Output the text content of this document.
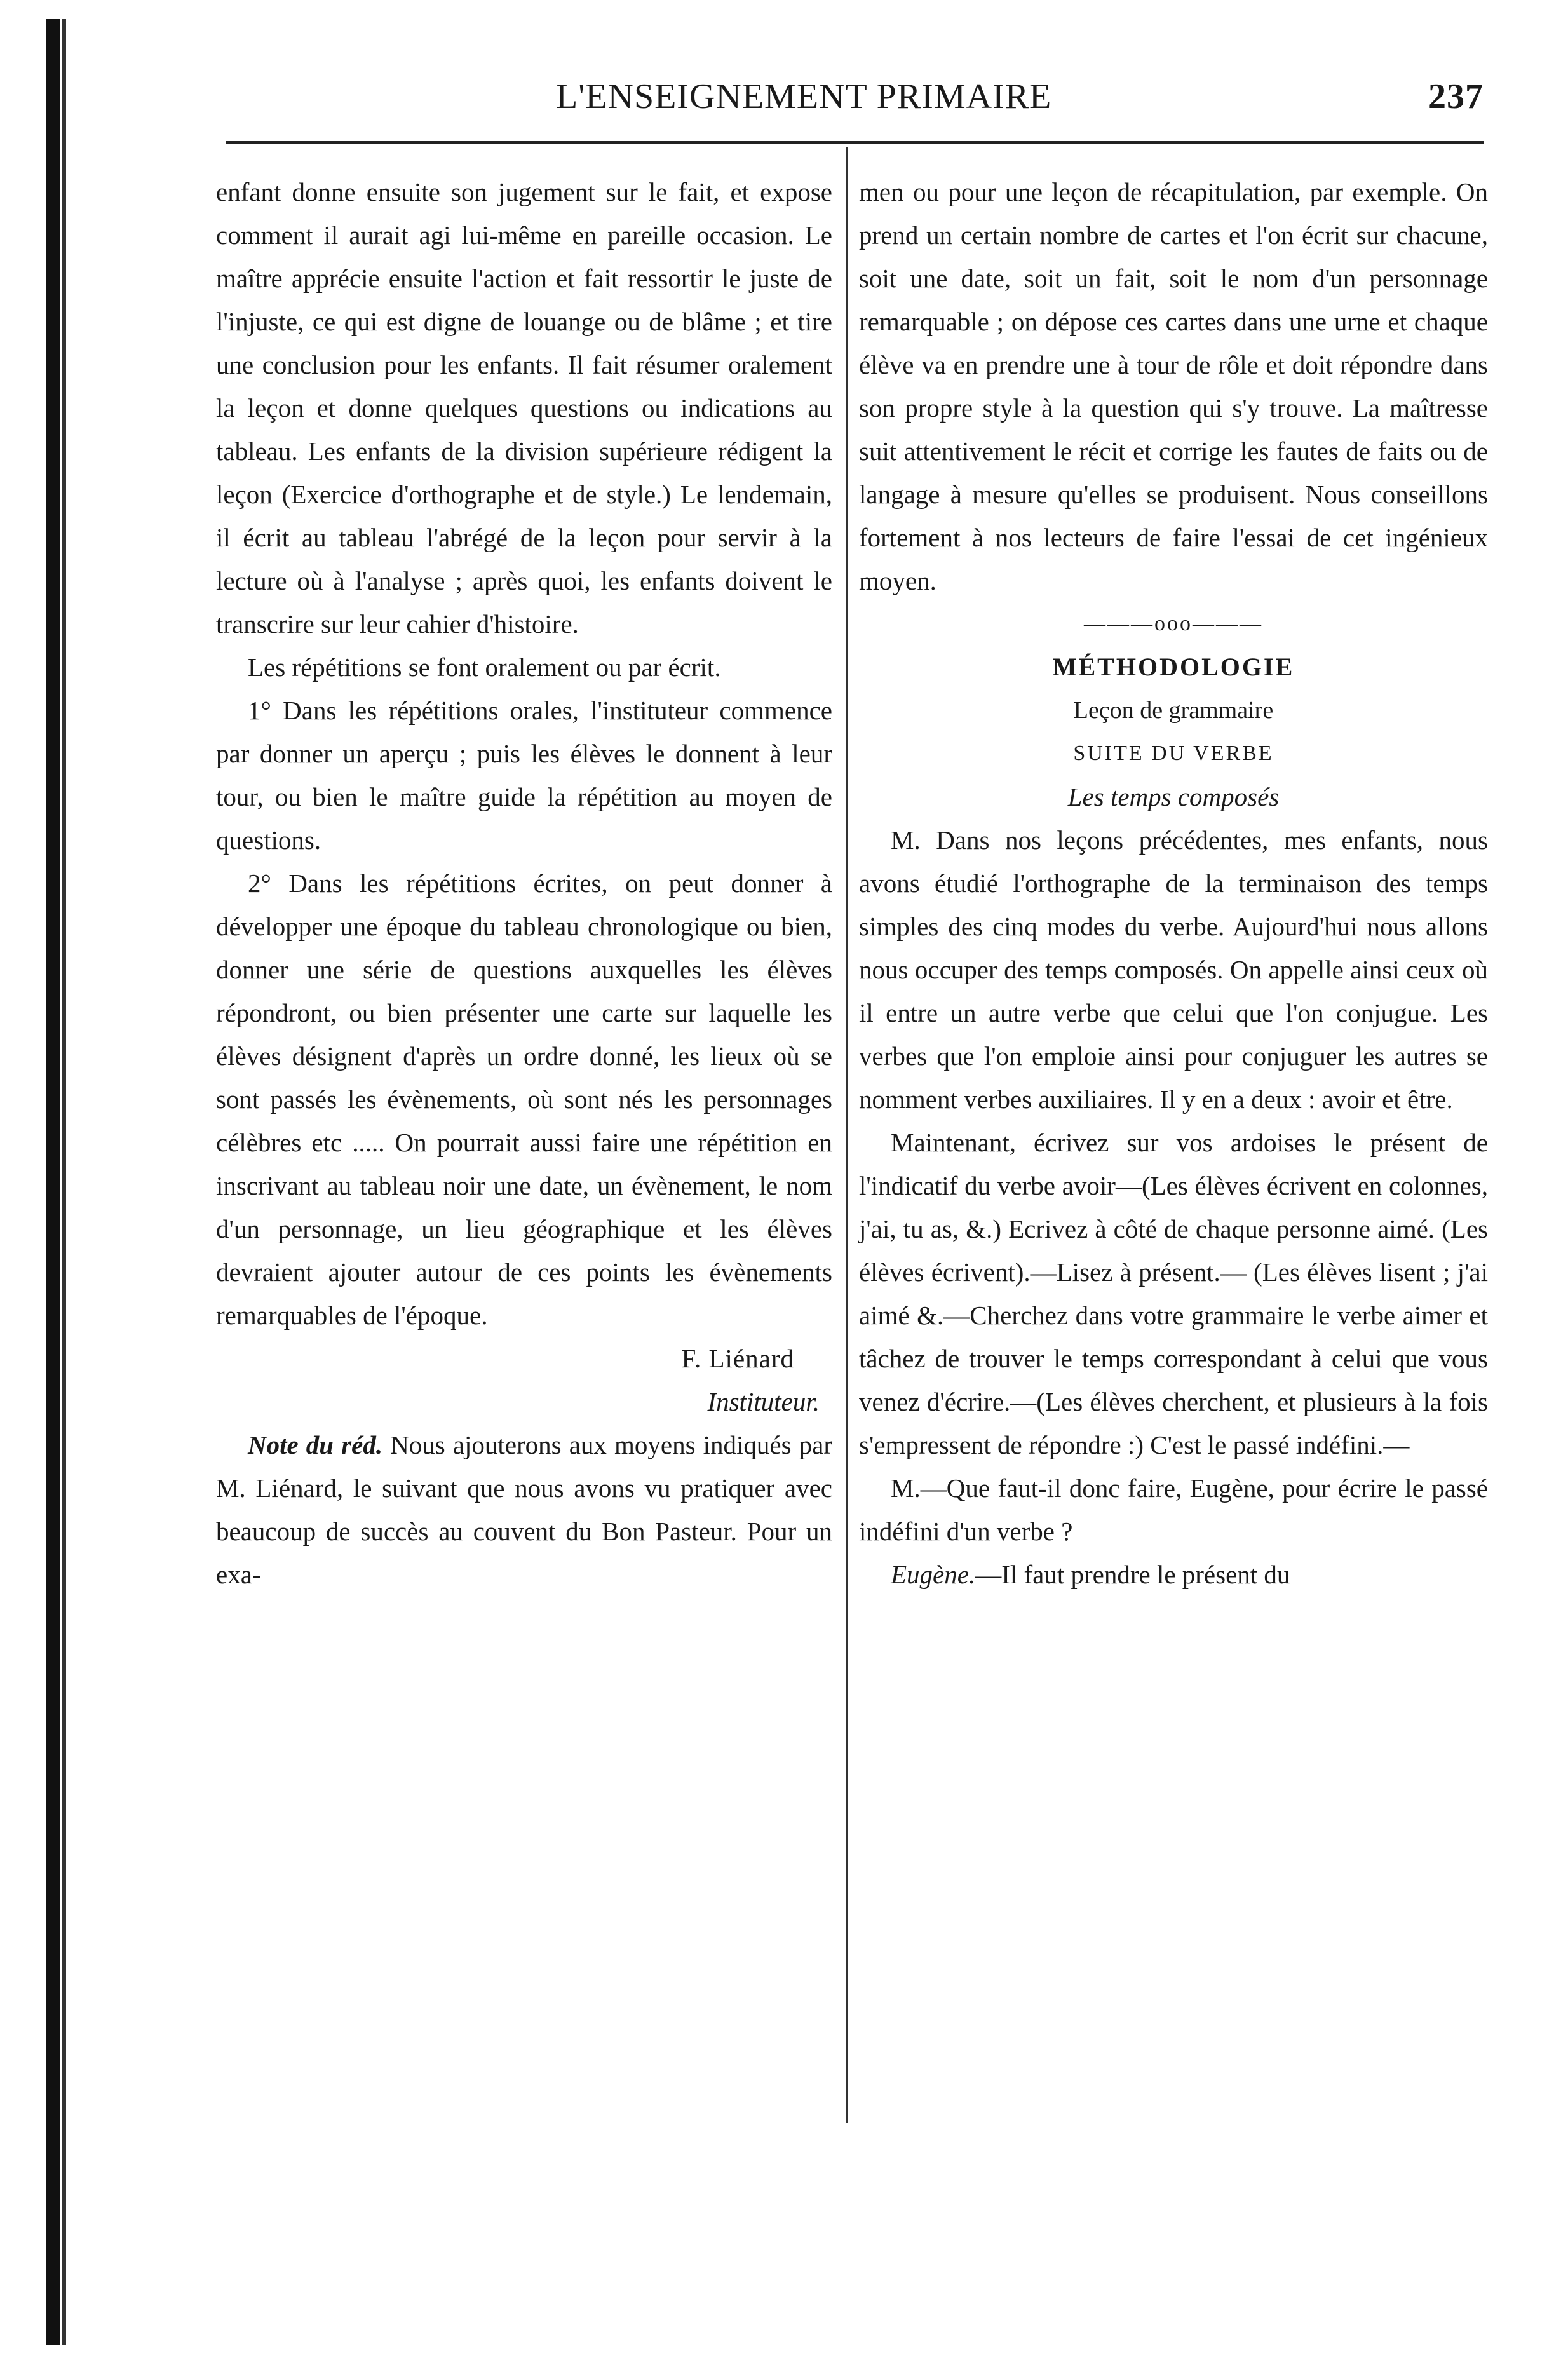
L'ENSEIGNEMENT PRIMAIRE	237

enfant donne ensuite son jugement sur le fait, et expose comment il aurait agi lui-même en pareille occasion. Le maître apprécie ensuite l'action et fait ressortir le juste de l'injuste, ce qui est digne de louange ou de blâme ; et tire une conclusion pour les enfants. Il fait résumer oralement la leçon et donne quelques questions ou indications au tableau. Les enfants de la division supérieure rédigent la leçon (Exercice d'orthographe et de style.) Le lendemain, il écrit au tableau l'abrégé de la leçon pour servir à la lecture où à l'analyse ; après quoi, les enfants doivent le transcrire sur leur cahier d'histoire.

Les répétitions se font oralement ou par écrit.

1° Dans les répétitions orales, l'instituteur commence par donner un aperçu ; puis les élèves le donnent à leur tour, ou bien le maître guide la répétition au moyen de questions.

2° Dans les répétitions écrites, on peut donner à développer une époque du tableau chronologique ou bien, donner une série de questions auxquelles les élèves répondront, ou bien présenter une carte sur laquelle les élèves désignent d'après un ordre donné, les lieux où se sont passés les évènements, où sont nés les personnages célèbres etc ..... On pourrait aussi faire une répétition en inscrivant au tableau noir une date, un évènement, le nom d'un personnage, un lieu géographique et les élèves devraient ajouter autour de ces points les évènements remarquables de l'époque.

F. Liénard

Instituteur.

Note du réd. Nous ajouterons aux moyens indiqués par M. Liénard, le suivant que nous avons vu pratiquer avec beaucoup de succès au couvent du Bon Pasteur. Pour un exa-

men ou pour une leçon de récapitulation, par exemple. On prend un certain nombre de cartes et l'on écrit sur chacune, soit une date, soit un fait, soit le nom d'un personnage remarquable ; on dépose ces cartes dans une urne et chaque élève va en prendre une à tour de rôle et doit répondre dans son propre style à la question qui s'y trouve. La maîtresse suit attentivement le récit et corrige les fautes de faits ou de langage à mesure qu'elles se produisent. Nous conseillons fortement à nos lecteurs de faire l'essai de cet ingénieux moyen.

———ooo———

MÉTHODOLOGIE

Leçon de grammaire

SUITE DU VERBE

Les temps composés

M. Dans nos leçons précédentes, mes enfants, nous avons étudié l'orthographe de la terminaison des temps simples des cinq modes du verbe. Aujourd'hui nous allons nous occuper des temps composés. On appelle ainsi ceux où il entre un autre verbe que celui que l'on conjugue. Les verbes que l'on emploie ainsi pour conjuguer les autres se nomment verbes auxiliaires. Il y en a deux : avoir et être.

Maintenant, écrivez sur vos ardoises le présent de l'indicatif du verbe avoir—(Les élèves écrivent en colonnes, j'ai, tu as, &.) Ecrivez à côté de chaque personne aimé. (Les élèves écrivent).—Lisez à présent.— (Les élèves lisent ; j'ai aimé &.—Cherchez dans votre grammaire le verbe aimer et tâchez de trouver le temps correspondant à celui que vous venez d'écrire.—(Les élèves cherchent, et plusieurs à la fois s'empressent de répondre :) C'est le passé indéfini.—

M.—Que faut-il donc faire, Eugène, pour écrire le passé indéfini d'un verbe ?

Eugène.—Il faut prendre le présent du
